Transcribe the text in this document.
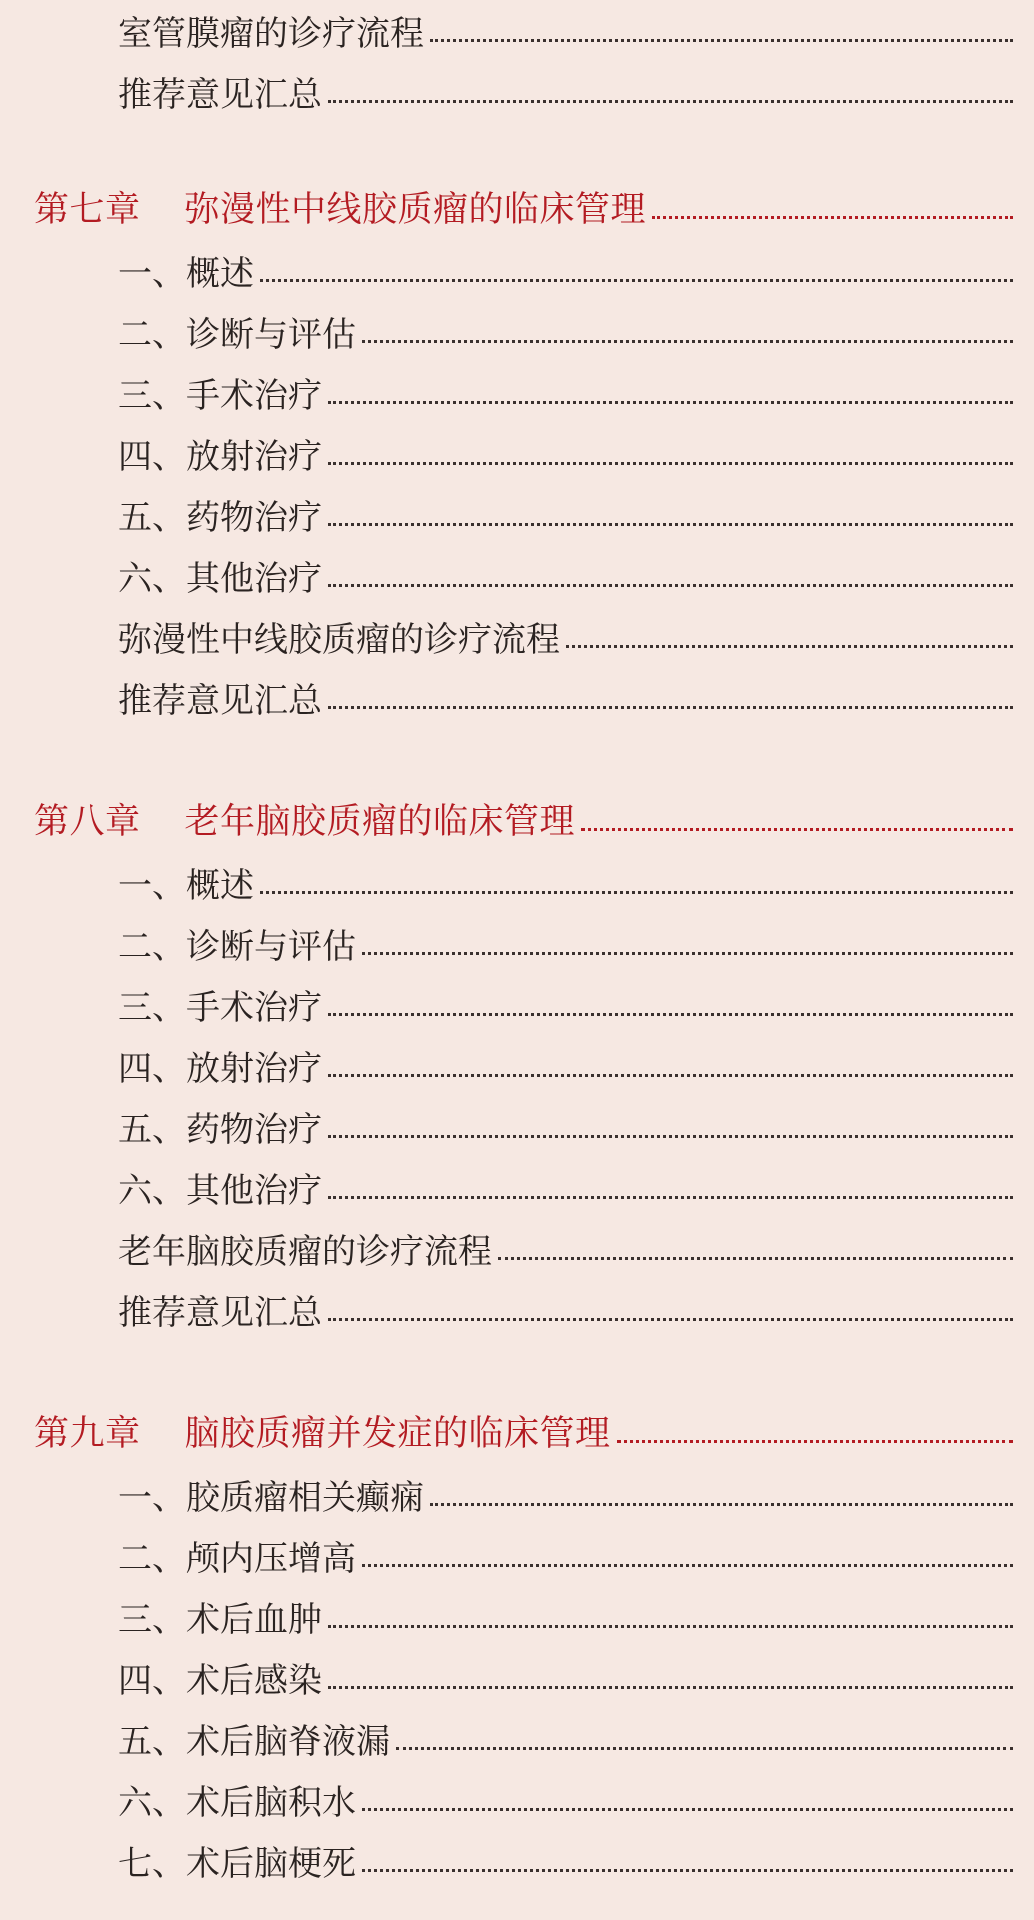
室管膜瘤的诊疗流程
推荐意见汇总
第七章 弥漫性中线胶质瘤的临床管理
一、概述
二、诊断与评估
三、手术治疗
四、放射治疗
五、药物治疗
六、其他治疗
弥漫性中线胶质瘤的诊疗流程
推荐意见汇总
第八章 老年脑胶质瘤的临床管理
一、概述
二、诊断与评估
三、手术治疗
四、放射治疗
五、药物治疗
六、其他治疗
老年脑胶质瘤的诊疗流程
推荐意见汇总
第九章 脑胶质瘤并发症的临床管理
一、胶质瘤相关癫痫
二、颅内压增高
三、术后血肿
四、术后感染
五、术后脑脊液漏
六、术后脑积水
七、术后脑梗死
